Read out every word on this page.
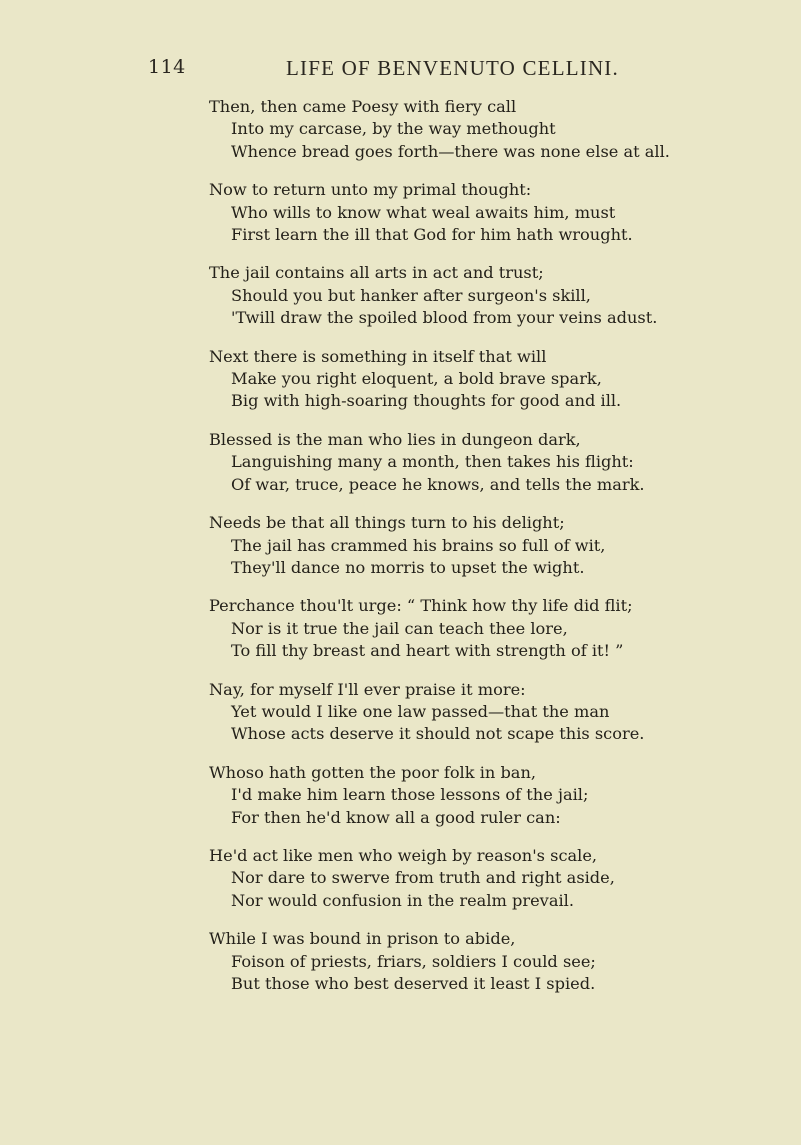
114	LIFE OF BENVENUTO CELLINI.
Then, then came Poesy with fiery call
Into my carcase, by the way methought
Whence bread goes forth—there was none else at all.
Now to return unto my primal thought:
Who wills to know what weal awaits him, must
First learn the ill that God for him hath wrought.
The jail contains all arts in act and trust;
Should you but hanker after surgeon's skill,
'Twill draw the spoiled blood from your veins adust.
Next there is something in itself that will
Make you right eloquent, a bold brave spark,
Big with high-soaring thoughts for good and ill.
Blessed is the man who lies in dungeon dark,
Languishing many a month, then takes his flight:
Of war, truce, peace he knows, and tells the mark.
Needs be that all things turn to his delight;
The jail has crammed his brains so full of wit,
They'll dance no morris to upset the wight.
Perchance thou'lt urge: “ Think how thy life did flit;
Nor is it true the jail can teach thee lore,
To fill thy breast and heart with strength of it! ”
Nay, for myself I'll ever praise it more:
Yet would I like one law passed—that the man
Whose acts deserve it should not scape this score.
Whoso hath gotten the poor folk in ban,
I'd make him learn those lessons of the jail;
For then he'd know all a good ruler can:
He'd act like men who weigh by reason's scale,
Nor dare to swerve from truth and right aside,
Nor would confusion in the realm prevail.
While I was bound in prison to abide,
Foison of priests, friars, soldiers I could see;
But those who best deserved it least I spied.
